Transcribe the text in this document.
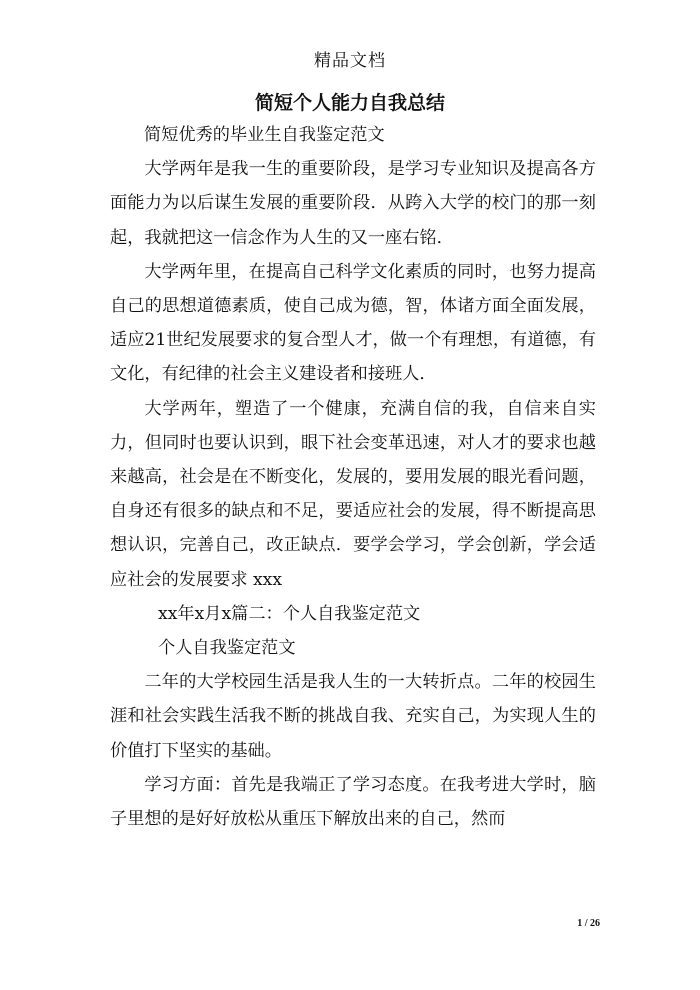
精品文档
简短个人能力自我总结

简短优秀的毕业生自我鉴定范文

大学两年是我一生的重要阶段，是学习专业知识及提高各方面能力为以后谋生发展的重要阶段．从跨入大学的校门的那一刻起，我就把这一信念作为人生的又一座右铭．

大学两年里，在提高自己科学文化素质的同时，也努力提高自己的思想道德素质，使自己成为德，智，体诸方面全面发展，适应21世纪发展要求的复合型人才，做一个有理想，有道德，有文化，有纪律的社会主义建设者和接班人．

大学两年，塑造了一个健康，充满自信的我，自信来自实力，但同时也要认识到，眼下社会变革迅速，对人才的要求也越来越高，社会是在不断变化，发展的，要用发展的眼光看问题，自身还有很多的缺点和不足，要适应社会的发展，得不断提高思想认识，完善自己，改正缺点．要学会学习，学会创新，学会适应社会的发展要求 xxx

xx年x月x篇二：个人自我鉴定范文

个人自我鉴定范文

二年的大学校园生活是我人生的一大转折点。二年的校园生涯和社会实践生活我不断的挑战自我、充实自己，为实现人生的价值打下坚实的基础。

学习方面：首先是我端正了学习态度。在我考进大学时，脑子里想的是好好放松从重压下解放出来的自己，然而

1 / 26
